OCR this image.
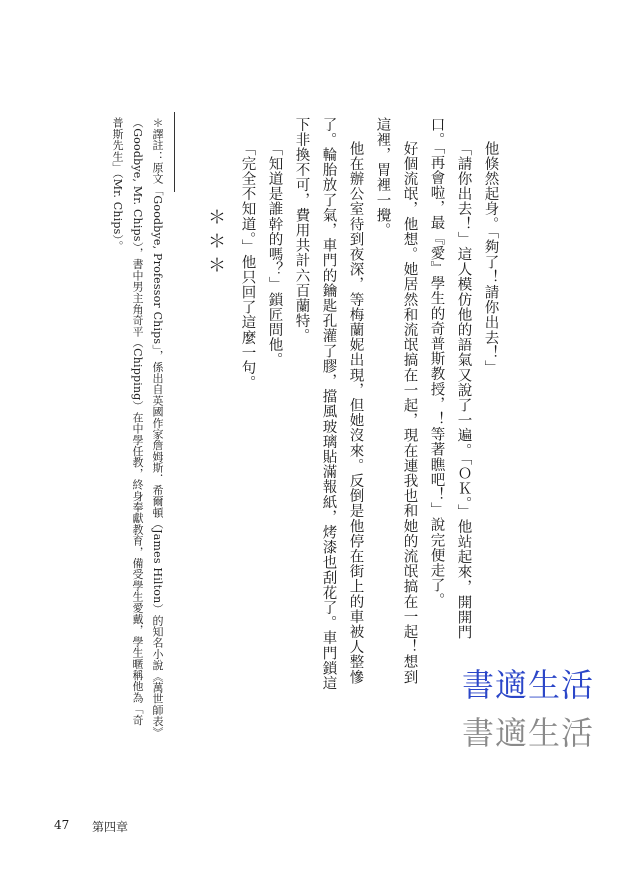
他倏然起身。「夠了！請你出去！」
「請你出去！」這人模仿他的語氣又說了一遍。「ＯＫ。」他站起來，開開門
口。「再會啦，最『愛』學生的奇普斯教授，！等著瞧吧！」說完便走了。
好個流氓，他想。她居然和流氓搞在一起，現在連我也和她的流氓搞在一起！想到
這裡，胃裡一攪。
他在辦公室待到夜深，等梅蘭妮出現，但她沒來。反倒是他停在街上的車被人整慘
了。輪胎放了氣，車門的鑰匙孔灌了膠，擋風玻璃貼滿報紙，烤漆也刮花了。車門鎖這
下非換不可，費用共計六百蘭特。
「知道是誰幹的嗎？」鎖匠問他。
「完全不知道。」他只回了這麼一句。
＊＊＊
＊譯註：原文「Goodbye, Professor Chips」，係出自英國作家詹姆斯．希爾頓（James Hilton）的知名小說《萬世師表》
（Goodbye, Mr. Chips），書中男主角奇平（Chipping）在中學任教，終身奉獻教育，備受學生愛戴，學生暱稱他為「奇
普斯先生」（Mr. Chips）。
書適生活
書適生活
47 第四章
